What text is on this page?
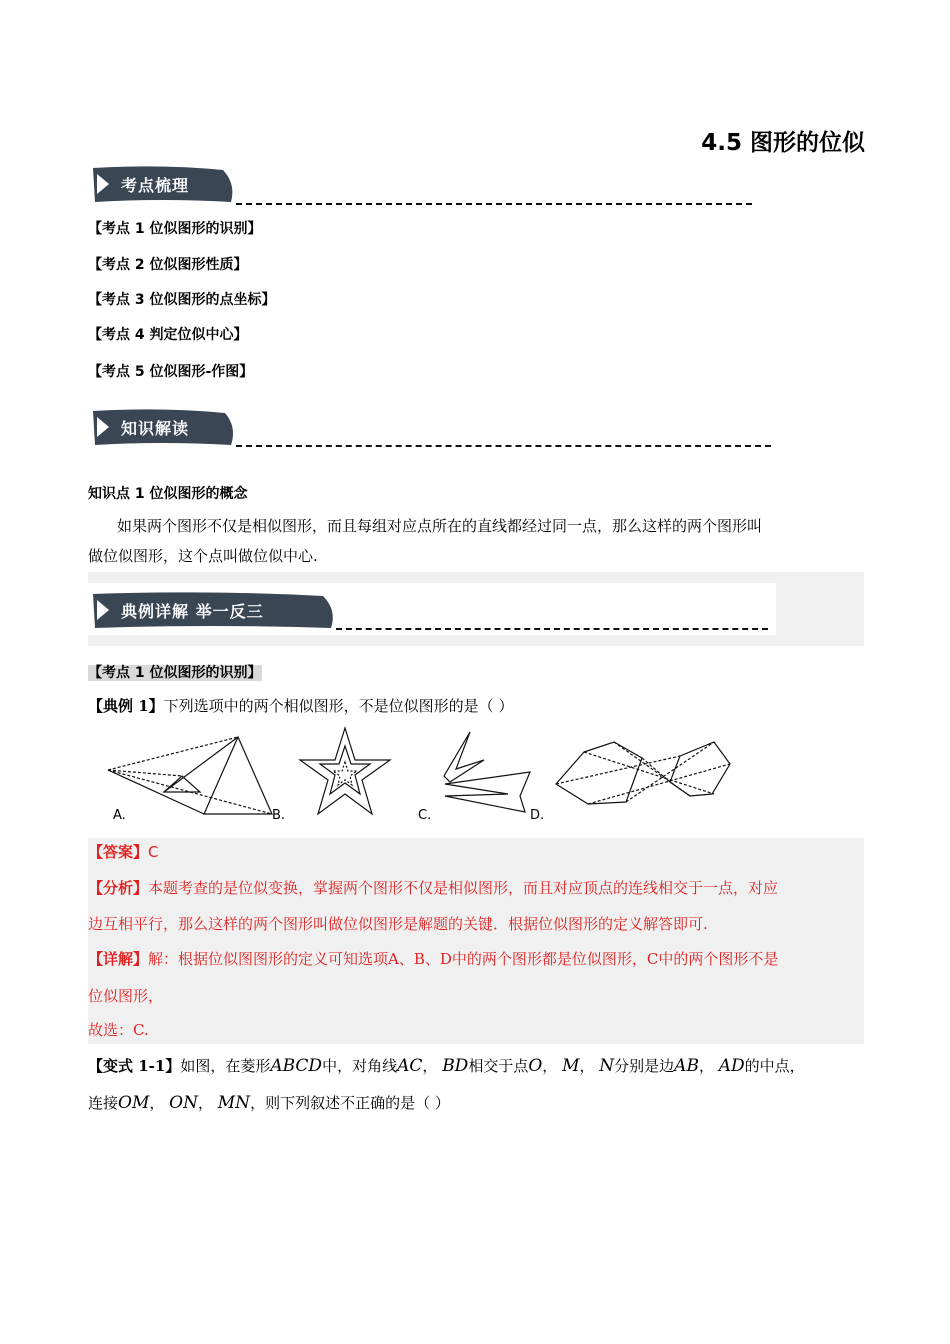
4.5 图形的位似
考点梳理
【考点 1 位似图形的识别】
【考点 2 位似图形性质】
【考点 3 位似图形的点坐标】
【考点 4 判定位似中心】
【考点 5 位似图形-作图】
知识解读
知识点 1 位似图形的概念
如果两个图形不仅是相似图形，而且每组对应点所在的直线都经过同一点，那么这样的两个图形叫
做位似图形，这个点叫做位似中心.
典例详解 举一反三
【考点 1 位似图形的识别】
【典例 1】下列选项中的两个相似图形，不是位似图形的是（ ）
A.	B.	C.	D.
【答案】C
【分析】本题考查的是位似变换，掌握两个图形不仅是相似图形，而且对应顶点的连线相交于一点，对应
边互相平行，那么这样的两个图形叫做位似图形是解题的关键．根据位似图形的定义解答即可.
【详解】解：根据位似图图形的定义可知选项A、B、D中的两个图形都是位似图形，C中的两个图形不是
位似图形，
故选：C.
【变式 1-1】如图，在菱形ABCD中，对角线AC， BD相交于点O， M， N分别是边AB， AD的中点，
连接OM， ON， MN，则下列叙述不正确的是（ ）
